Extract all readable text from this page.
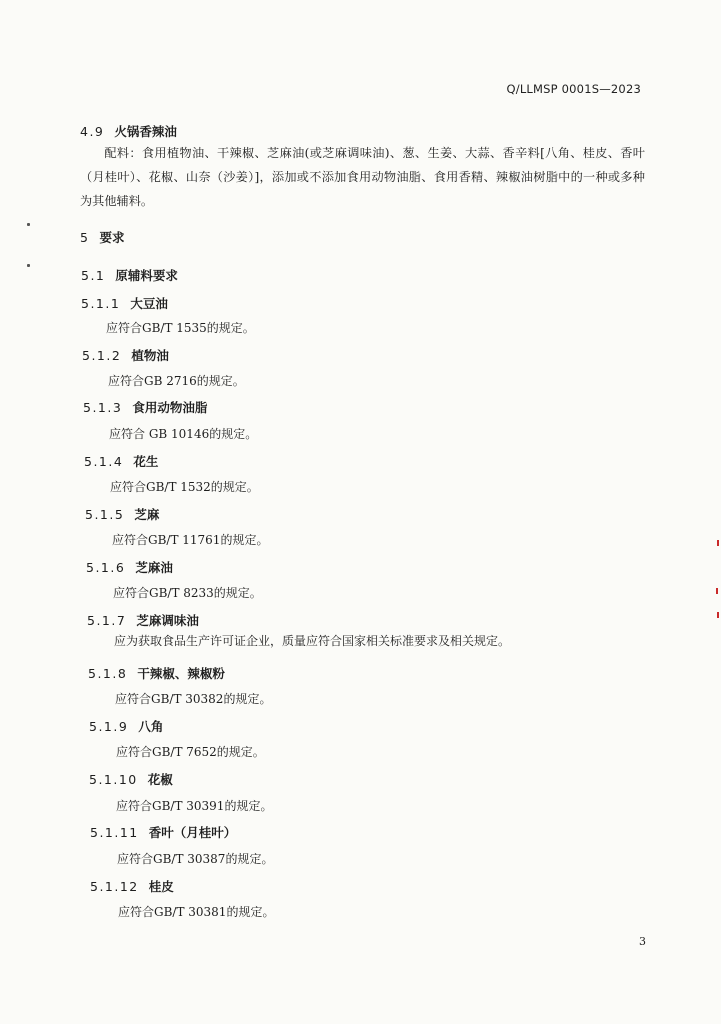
Q/LLMSP 0001S—2023
4.9 火锅香辣油
配料：食用植物油、干辣椒、芝麻油(或芝麻调味油)、葱、生姜、大蒜、香辛料[八角、桂皮、香叶（月桂叶）、花椒、山奈（沙姜）]，添加或不添加食用动物油脂、食用香精、辣椒油树脂中的一种或多种为其他辅料。
5 要求
5.1 原辅料要求
5.1.1 大豆油
应符合GB/T 1535的规定。
5.1.2 植物油
应符合GB 2716的规定。
5.1.3 食用动物油脂
应符合 GB 10146的规定。
5.1.4 花生
应符合GB/T 1532的规定。
5.1.5 芝麻
应符合GB/T 11761的规定。
5.1.6 芝麻油
应符合GB/T 8233的规定。
5.1.7 芝麻调味油
应为获取食品生产许可证企业，质量应符合国家相关标准要求及相关规定。
5.1.8 干辣椒、辣椒粉
应符合GB/T 30382的规定。
5.1.9 八角
应符合GB/T 7652的规定。
5.1.10 花椒
应符合GB/T 30391的规定。
5.1.11 香叶（月桂叶）
应符合GB/T 30387的规定。
5.1.12 桂皮
应符合GB/T 30381的规定。
3
